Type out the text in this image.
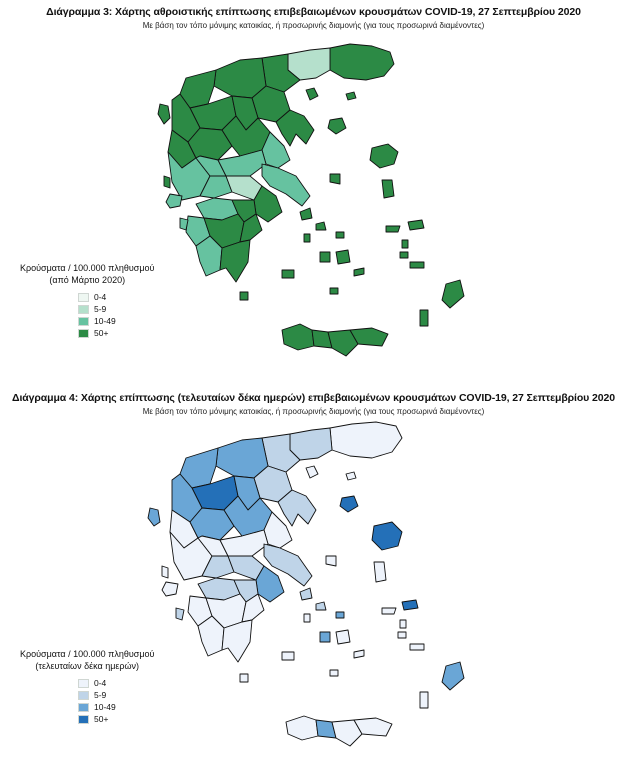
Διάγραμμα 3: Χάρτης αθροιστικής επίπτωσης επιβεβαιωμένων κρουσμάτων COVID-19, 27 Σεπτεμβρίου 2020
Με βάση τον τόπο μόνιμης κατοικίας, ή προσωρινής διαμονής (για τους προσωρινά διαμένοντες)
Κρούσματα / 100.000 πληθυσμού
(από Μάρτιο 2020)
0-4
5-9
10-49
50+
Διάγραμμα 4: Χάρτης επίπτωσης (τελευταίων δέκα ημερών) επιβεβαιωμένων κρουσμάτων COVID-19, 27 Σεπτεμβρίου 2020
Με βάση τον τόπο μόνιμης κατοικίας, ή προσωρινής διαμονής (για τους προσωρινά διαμένοντες)
Κρούσματα / 100.000 πληθυσμού
(τελευταίων δέκα ημερών)
0-4
5-9
10-49
50+
